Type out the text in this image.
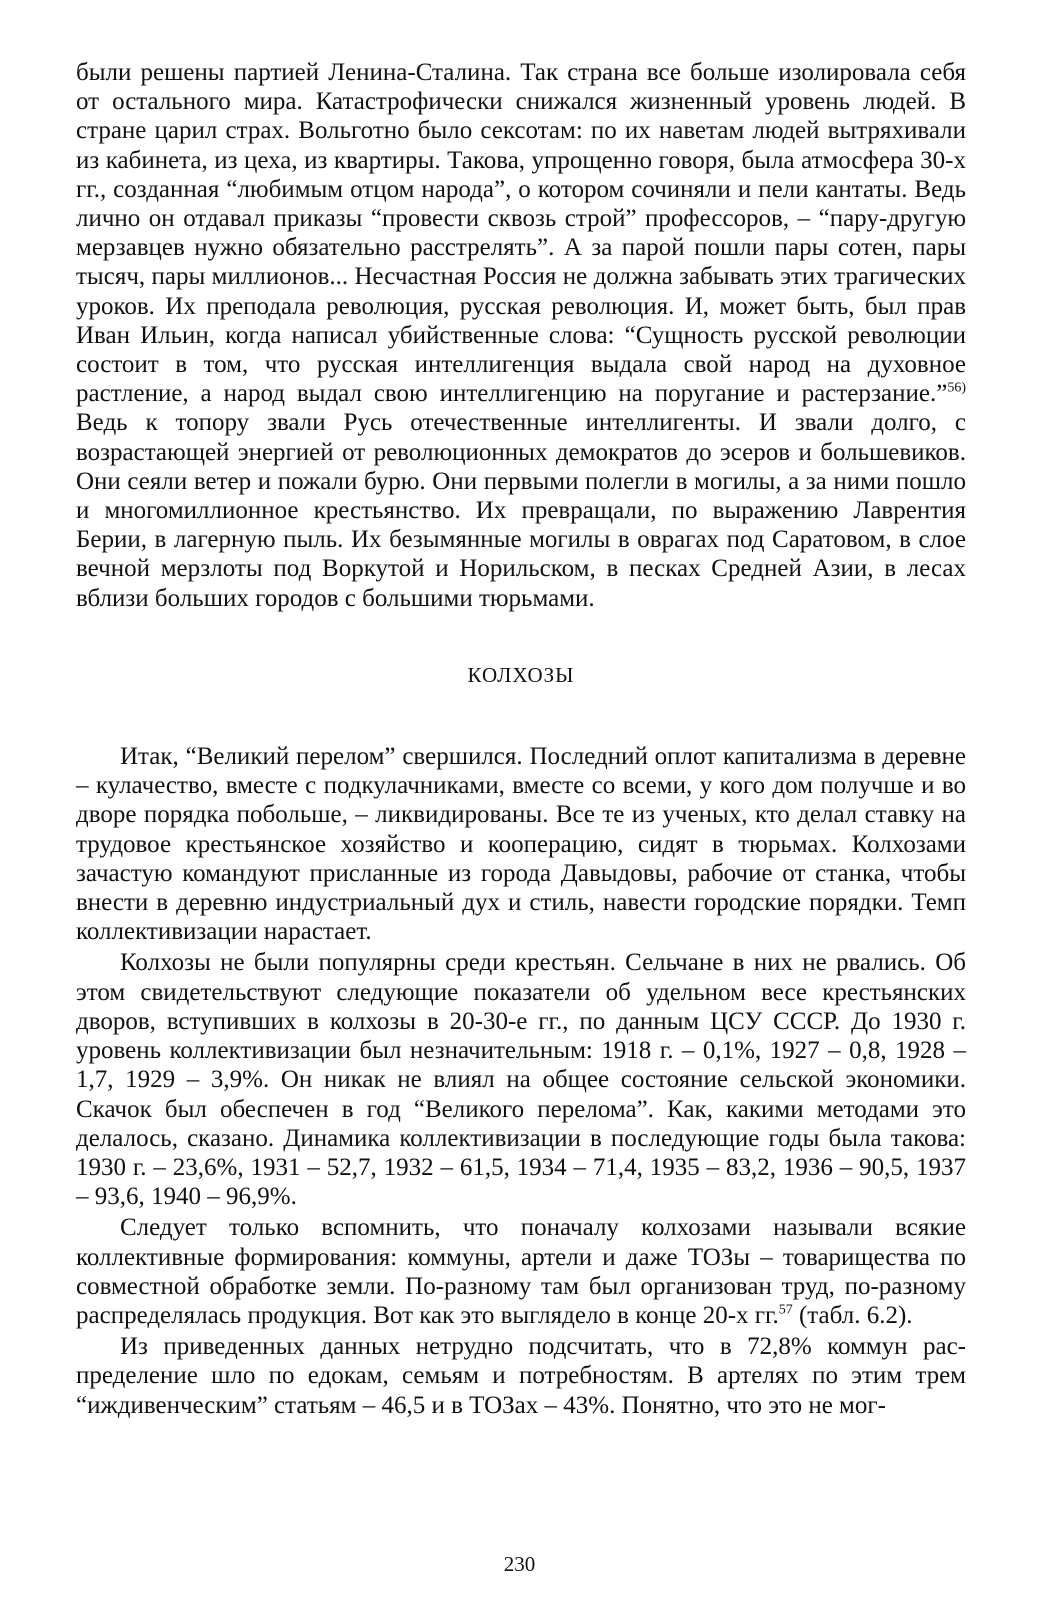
были решены партией Ленина-Сталина. Так страна все больше изолировала себя от остального мира. Катастрофически снижался жизненный уровень людей. В стране царил страх. Вольготно было сексотам: по их наветам людей вытряхивали из кабинета, из цеха, из квартиры. Такова, упрощенно говоря, была атмосфера 30-х гг., созданная “любимым отцом народа”, о котором сочиняли и пели кантаты. Ведь лично он отдавал приказы “провести сквозь строй” профессоров, – “пару-другую мерзавцев нужно обязательно расстрелять”. А за парой пошли пары сотен, пары тысяч, пары миллионов... Несчастная Россия не должна забывать этих трагических уроков. Их преподала революция, русская революция. И, может быть, был прав Иван Ильин, когда написал убийственные слова: “Сущность русской революции состоит в том, что русская интеллигенция выдала свой народ на духовное растление, а народ выдал свою интеллигенцию на поругание и растерзание.”$^{56)}$ Ведь к топору звали Русь отечественные интеллигенты. И звали долго, с возрастающей энергией от революционных демократов до эсеров и большевиков. Они сеяли ветер и пожали бурю. Они первыми полегли в могилы, а за ними пошло и многомиллионное крестьянство. Их превращали, по выражению Лаврентия Берии, в лагерную пыль. Их безымянные могилы в оврагах под Саратовом, в слое вечной мерзлоты под Воркутой и Норильском, в песках Средней Азии, в лесах вблизи больших городов с большими тюрьмами.

КОЛХОЗЫ

Итак, “Великий перелом” свершился. Последний оплот капитализма в деревне – кулачество, вместе с подкулачниками, вместе со всеми, у кого дом получше и во дворе порядка побольше, – ликвидированы. Все те из ученых, кто делал ставку на трудовое крестьянское хозяйство и кооперацию, сидят в тюрьмах. Колхозами зачастую командуют присланные из города Давыдовы, рабочие от станка, чтобы внести в деревню индустриальный дух и стиль, навести городские порядки. Темп коллективизации нарастает.

Колхозы не были популярны среди крестьян. Сельчане в них не рвались. Об этом свидетельствуют следующие показатели об удельном весе крестьянских дворов, вступивших в колхозы в 20-30-е гг., по данным ЦСУ СССР. До 1930 г. уровень коллективизации был незначительным: 1918 г. – 0,1%, 1927 – 0,8, 1928 – 1,7, 1929 – 3,9%. Он никак не влиял на общее состояние сельской экономики. Скачок был обеспечен в год “Великого перелома”. Как, какими методами это делалось, сказано. Динамика коллективизации в последующие годы была такова: 1930 г. – 23,6%, 1931 – 52,7, 1932 – 61,5, 1934 – 71,4, 1935 – 83,2, 1936 – 90,5, 1937 – 93,6, 1940 – 96,9%.

Следует только вспомнить, что поначалу колхозами называли всякие коллективные формирования: коммуны, артели и даже ТОЗы – товарищества по совместной обработке земли. По-разному там был организован труд, по-разному распределялась продукция. Вот как это выглядело в конце 20-х гг.$^{57}$ (табл. 6.2).

Из приведенных данных нетрудно подсчитать, что в 72,8% коммун распределение шло по едокам, семьям и потребностям. В артелях по этим трем “иждивенческим” статьям – 46,5 и в ТОЗах – 43%. Понятно, что это не мог-

230
